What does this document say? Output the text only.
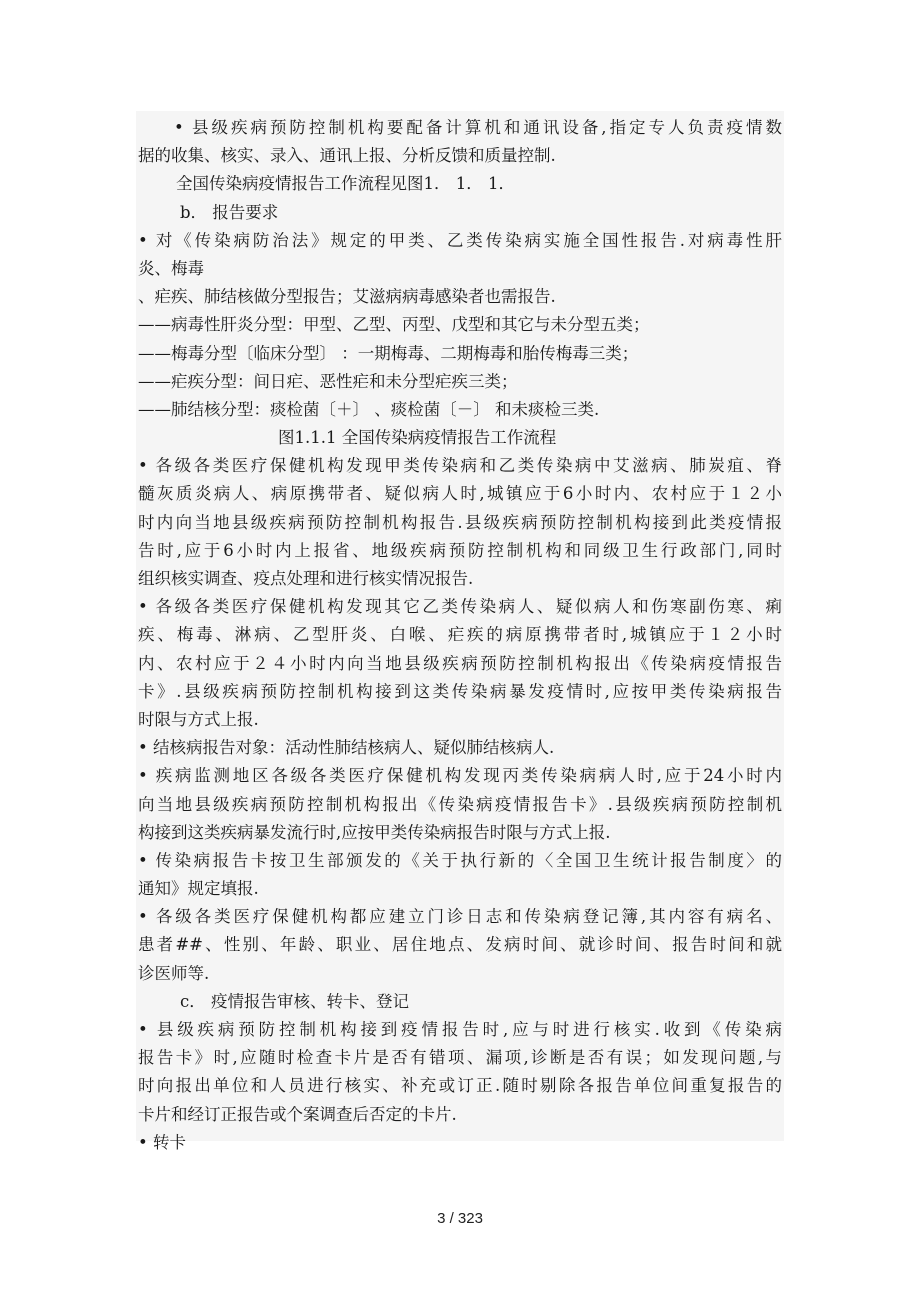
• 县级疾病预防控制机构要配备计算机和通讯设备,指定专人负责疫情数
据的收集、核实、录入、通讯上报、分析反馈和质量控制.
全国传染病疫情报告工作流程见图1． 1． 1．
b． 报告要求
• 对《传染病防治法》规定的甲类、乙类传染病实施全国性报告.对病毒性肝
炎、梅毒
、疟疾、肺结核做分型报告；艾滋病病毒感染者也需报告.
——病毒性肝炎分型：甲型、乙型、丙型、戊型和其它与未分型五类；
——梅毒分型〔临床分型〕 ：一期梅毒、二期梅毒和胎传梅毒三类；
——疟疾分型：间日疟、恶性疟和未分型疟疾三类；
——肺结核分型：痰检菌〔＋〕 、痰检菌〔－〕 和未痰检三类.
图1.1.1 全国传染病疫情报告工作流程
• 各级各类医疗保健机构发现甲类传染病和乙类传染病中艾滋病、肺炭疽、脊
髓灰质炎病人、病原携带者、疑似病人时,城镇应于6小时内、农村应于１２小
时内向当地县级疾病预防控制机构报告.县级疾病预防控制机构接到此类疫情报
告时,应于6小时内上报省、地级疾病预防控制机构和同级卫生行政部门,同时
组织核实调查、疫点处理和进行核实情况报告.
• 各级各类医疗保健机构发现其它乙类传染病人、疑似病人和伤寒副伤寒、痢
疾、梅毒、淋病、乙型肝炎、白喉、疟疾的病原携带者时,城镇应于１２小时
内、农村应于２４小时内向当地县级疾病预防控制机构报出《传染病疫情报告
卡》.县级疾病预防控制机构接到这类传染病暴发疫情时,应按甲类传染病报告
时限与方式上报.
• 结核病报告对象：活动性肺结核病人、疑似肺结核病人.
• 疾病监测地区各级各类医疗保健机构发现丙类传染病病人时,应于24小时内
向当地县级疾病预防控制机构报出《传染病疫情报告卡》.县级疾病预防控制机
构接到这类疾病暴发流行时,应按甲类传染病报告时限与方式上报.
• 传染病报告卡按卫生部颁发的《关于执行新的〈全国卫生统计报告制度〉的
通知》规定填报.
• 各级各类医疗保健机构都应建立门诊日志和传染病登记簿,其内容有病名、
患者##、性别、年龄、职业、居住地点、发病时间、就诊时间、报告时间和就
诊医师等.
c． 疫情报告审核、转卡、登记
• 县级疾病预防控制机构接到疫情报告时,应与时进行核实.收到《传染病
报告卡》时,应随时检查卡片是否有错项、漏项,诊断是否有误；如发现问题,与
时向报出单位和人员进行核实、补充或订正.随时剔除各报告单位间重复报告的
卡片和经订正报告或个案调查后否定的卡片.
• 转卡
3 / 323
